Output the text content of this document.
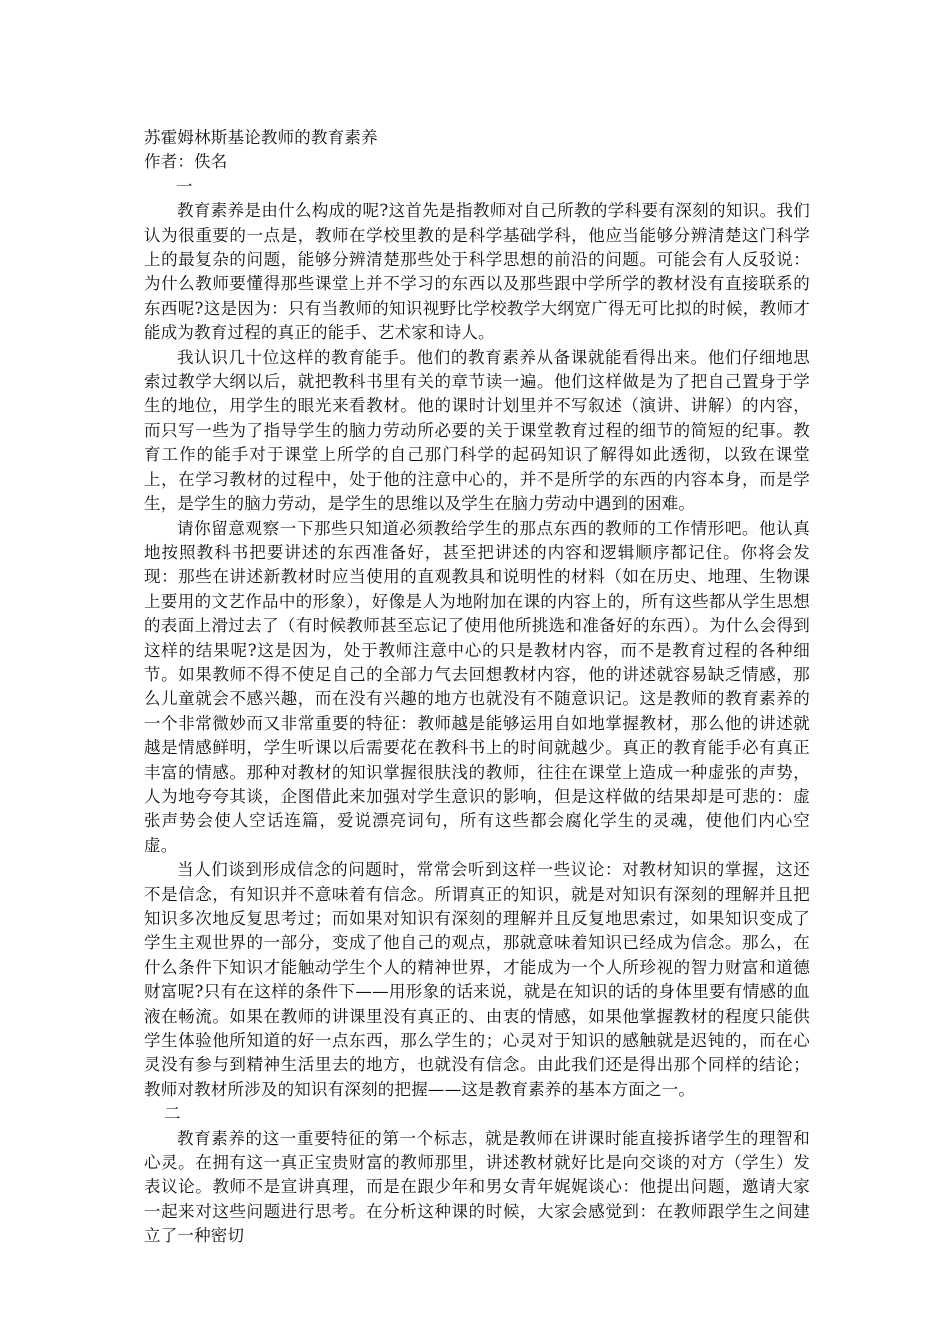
苏霍姆林斯基论教师的教育素养

作者：佚名

一

教育素养是由什么构成的呢?这首先是指教师对自己所教的学科要有深刻的知识。我们认为很重要的一点是，教师在学校里教的是科学基础学科，他应当能够分辨清楚这门科学上的最复杂的问题，能够分辨清楚那些处于科学思想的前沿的问题。可能会有人反驳说：为什么教师要懂得那些课堂上并不学习的东西以及那些跟中学所学的教材没有直接联系的东西呢?这是因为：只有当教师的知识视野比学校教学大纲宽广得无可比拟的时候，教师才能成为教育过程的真正的能手、艺术家和诗人。

我认识几十位这样的教育能手。他们的教育素养从备课就能看得出来。他们仔细地思索过教学大纲以后，就把教科书里有关的章节读一遍。他们这样做是为了把自己置身于学生的地位，用学生的眼光来看教材。他的课时计划里并不写叙述（演讲、讲解）的内容，而只写一些为了指导学生的脑力劳动所必要的关于课堂教育过程的细节的简短的纪事。教育工作的能手对于课堂上所学的自己那门科学的起码知识了解得如此透彻，以致在课堂上，在学习教材的过程中，处于他的注意中心的，并不是所学的东西的内容本身，而是学生，是学生的脑力劳动，是学生的思维以及学生在脑力劳动中遇到的困难。

请你留意观察一下那些只知道必须教给学生的那点东西的教师的工作情形吧。他认真地按照教科书把要讲述的东西准备好，甚至把讲述的内容和逻辑顺序都记住。你将会发现：那些在讲述新教材时应当使用的直观教具和说明性的材料（如在历史、地理、生物课上要用的文艺作品中的形象），好像是人为地附加在课的内容上的，所有这些都从学生思想的表面上滑过去了（有时候教师甚至忘记了使用他所挑选和准备好的东西）。为什么会得到这样的结果呢?这是因为，处于教师注意中心的只是教材内容，而不是教育过程的各种细节。如果教师不得不使足自己的全部力气去回想教材内容，他的讲述就容易缺乏情感，那么儿童就会不感兴趣，而在没有兴趣的地方也就没有不随意识记。这是教师的教育素养的一个非常微妙而又非常重要的特征：教师越是能够运用自如地掌握教材，那么他的讲述就越是情感鲜明，学生听课以后需要花在教科书上的时间就越少。真正的教育能手必有真正丰富的情感。那种对教材的知识掌握很肤浅的教师，往往在课堂上造成一种虚张的声势，人为地夸夸其谈，企图借此来加强对学生意识的影响，但是这样做的结果却是可悲的：虚张声势会使人空话连篇，爱说漂亮词句，所有这些都会腐化学生的灵魂，使他们内心空虚。

当人们谈到形成信念的问题时，常常会听到这样一些议论：对教材知识的掌握，这还不是信念，有知识并不意味着有信念。所谓真正的知识，就是对知识有深刻的理解并且把知识多次地反复思考过；而如果对知识有深刻的理解并且反复地思索过，如果知识变成了学生主观世界的一部分，变成了他自己的观点，那就意味着知识已经成为信念。那么，在什么条件下知识才能触动学生个人的精神世界，才能成为一个人所珍视的智力财富和道德财富呢?只有在这样的条件下——用形象的话来说，就是在知识的话的身体里要有情感的血液在畅流。如果在教师的讲课里没有真正的、由衷的情感，如果他掌握教材的程度只能供学生体验他所知道的好一点东西，那么学生的；心灵对于知识的感触就是迟钝的，而在心灵没有参与到精神生活里去的地方，也就没有信念。由此我们还是得出那个同样的结论；教师对教材所涉及的知识有深刻的把握——这是教育素养的基本方面之一。

二

教育素养的这一重要特征的第一个标志，就是教师在讲课时能直接拆诸学生的理智和心灵。在拥有这一真正宝贵财富的教师那里，讲述教材就好比是向交谈的对方（学生）发表议论。教师不是宣讲真理，而是在跟少年和男女青年娓娓谈心：他提出问题，邀请大家一起来对这些问题进行思考。在分析这种课的时候，大家会感觉到：在教师跟学生之间建立了一种密切
